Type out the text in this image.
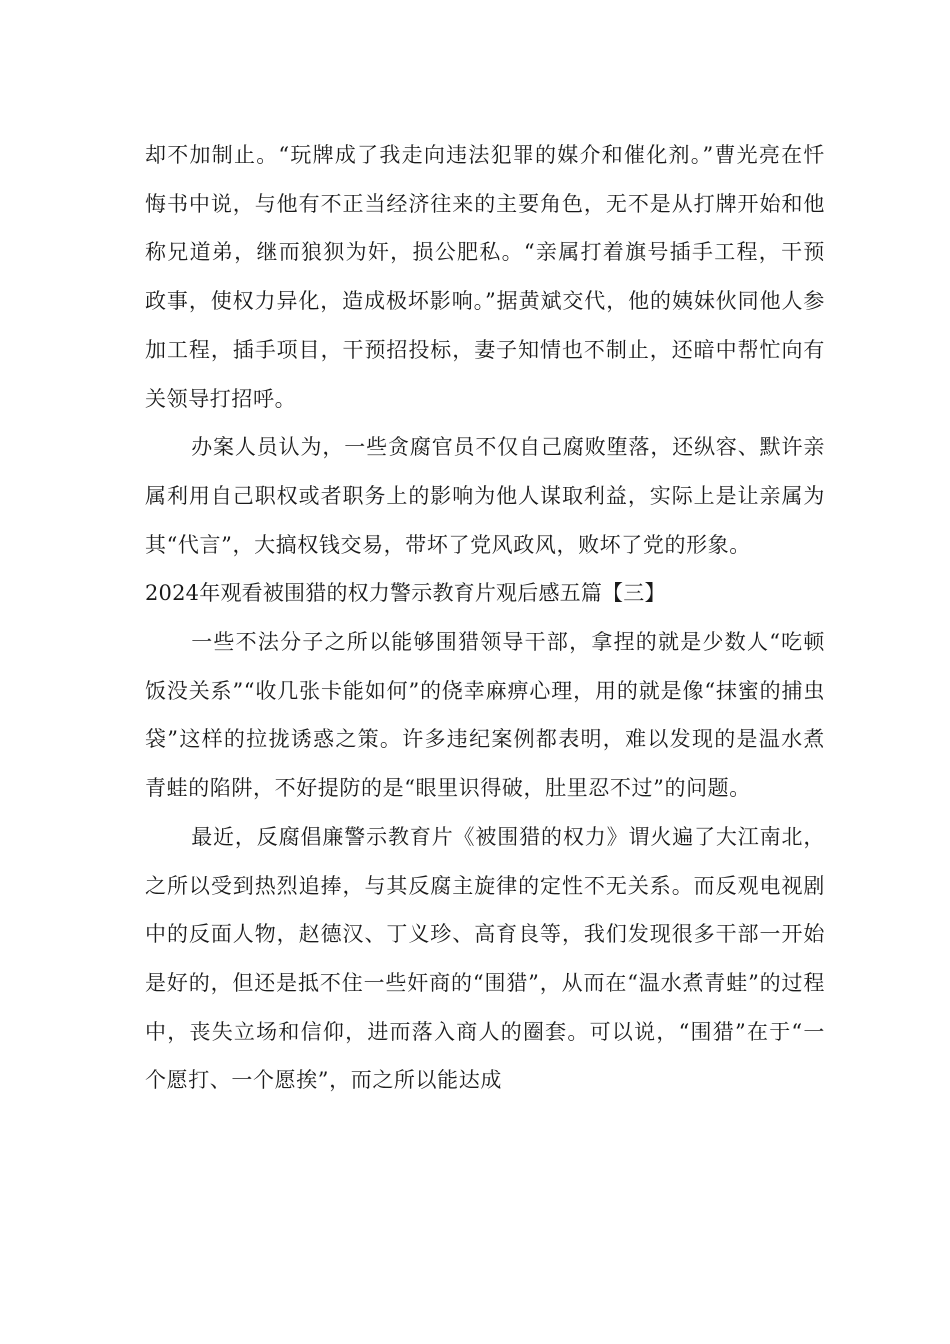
却不加制止。“玩牌成了我走向违法犯罪的媒介和催化剂。”曹光亮在忏悔书中说，与他有不正当经济往来的主要角色，无不是从打牌开始和他称兄道弟，继而狼狈为奸，损公肥私。“亲属打着旗号插手工程，干预政事，使权力异化，造成极坏影响。”据黄斌交代，他的姨妹伙同他人参加工程，插手项目，干预招投标，妻子知情也不制止，还暗中帮忙向有关领导打招呼。

办案人员认为，一些贪腐官员不仅自己腐败堕落，还纵容、默许亲属利用自己职权或者职务上的影响为他人谋取利益，实际上是让亲属为其“代言”，大搞权钱交易，带坏了党风政风，败坏了党的形象。

2024年观看被围猎的权力警示教育片观后感五篇【三】

一些不法分子之所以能够围猎领导干部，拿捏的就是少数人“吃顿饭没关系”“收几张卡能如何”的侥幸麻痹心理，用的就是像“抹蜜的捕虫袋”这样的拉拢诱惑之策。许多违纪案例都表明，难以发现的是温水煮青蛙的陷阱，不好提防的是“眼里识得破，肚里忍不过”的问题。

最近，反腐倡廉警示教育片《被围猎的权力》谓火遍了大江南北，之所以受到热烈追捧，与其反腐主旋律的定性不无关系。而反观电视剧中的反面人物，赵德汉、丁义珍、高育良等，我们发现很多干部一开始是好的，但还是抵不住一些奸商的“围猎”，从而在“温水煮青蛙”的过程中，丧失立场和信仰，进而落入商人的圈套。可以说，“围猎”在于“一个愿打、一个愿挨”，而之所以能达成
